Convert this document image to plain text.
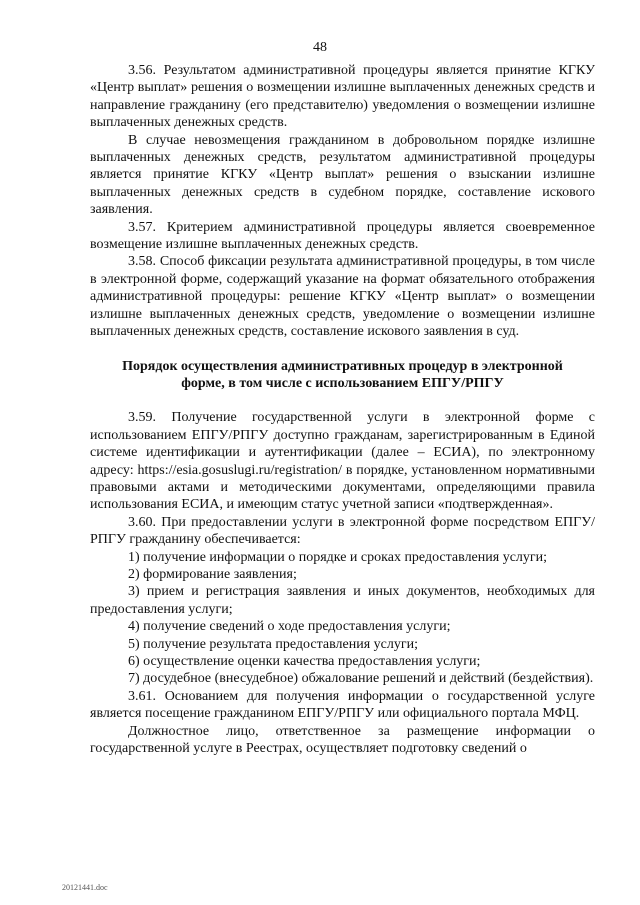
48

3.56. Результатом административной процедуры является принятие КГКУ «Центр выплат» решения о возмещении излишне выплаченных денежных средств и направление гражданину (его представителю) уведомления о возмещении излишне выплаченных денежных средств.

В случае невозмещения гражданином в добровольном порядке излишне выплаченных денежных средств, результатом административной процедуры является принятие КГКУ «Центр выплат» решения о взыскании излишне выплаченных денежных средств в судебном порядке, составление искового заявления.

3.57. Критерием административной процедуры является своевременное возмещение излишне выплаченных денежных средств.

3.58. Способ фиксации результата административной процедуры, в том числе в электронной форме, содержащий указание на формат обязательного отображения административной процедуры: решение КГКУ «Центр выплат» о возмещении излишне выплаченных денежных средств, уведомление о возмещении излишне выплаченных денежных средств, составление искового заявления в суд.

Порядок осуществления административных процедур в электронной
форме, в том числе с использованием ЕПГУ/РПГУ

3.59. Получение государственной услуги в электронной форме с использованием ЕПГУ/РПГУ доступно гражданам, зарегистрированным в Единой системе идентификации и аутентификации (далее – ЕСИА), по электронному адресу: https://esia.gosuslugi.ru/registration/ в порядке, установленном нормативными правовыми актами и методическими документами, определяющими правила использования ЕСИА, и имеющим статус учетной записи «подтвержденная».

3.60. При предоставлении услуги в электронной форме посредством ЕПГУ/РПГУ гражданину обеспечивается:

1) получение информации о порядке и сроках предоставления услуги;

2) формирование заявления;

3) прием и регистрация заявления и иных документов, необходимых для предоставления услуги;

4) получение сведений о ходе предоставления услуги;

5) получение результата предоставления услуги;

6) осуществление оценки качества предоставления услуги;

7) досудебное (внесудебное) обжалование решений и действий (бездействия).

3.61. Основанием для получения информации о государственной услуге является посещение гражданином ЕПГУ/РПГУ или официального портала МФЦ.

Должностное лицо, ответственное за размещение информации о государственной услуге в Реестрах, осуществляет подготовку сведений о

20121441.doc
